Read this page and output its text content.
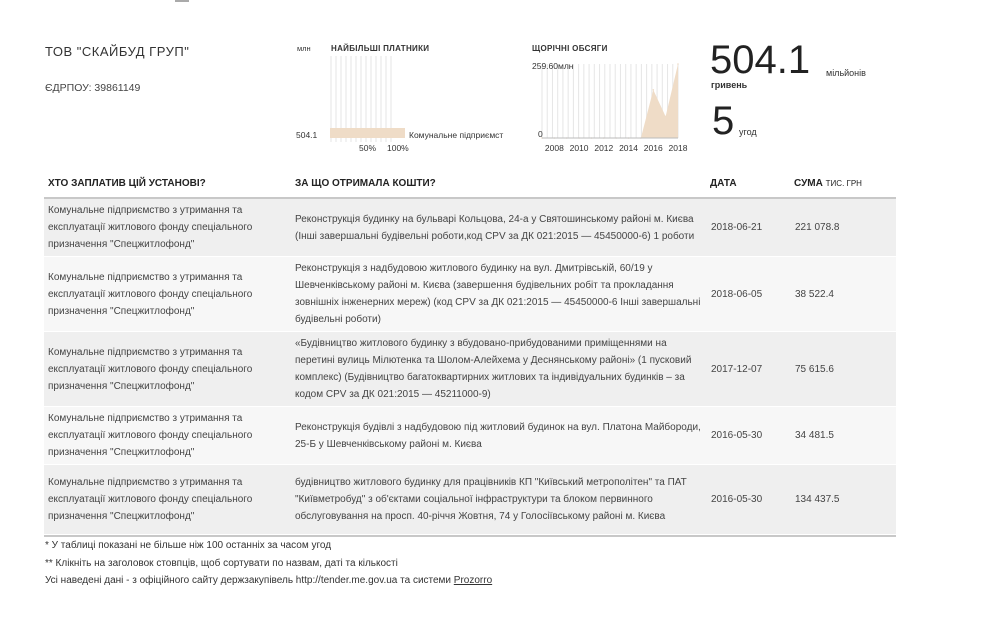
ТОВ "СКАЙБУД ГРУП"
ЄДРПОУ: 39861149
млн	НАЙБІЛЬШІ ПЛАТНИКИ
504.1	Комунальне підприємст
50% 100%
ЩОРІЧНІ ОБСЯГИ
259.60млн
0
2008 2010 2012 2014 2016 2018
504.1 мільйонів
гривень
5 угод
ХТО ЗАПЛАТИВ ЦІЙ УСТАНОВІ?	ЗА ЩО ОТРИМАЛА КОШТИ?	ДАТА	СУМА ТИС. ГРН
Комунальне підприємство з утримання та експлуатації житлового фонду спеціального призначення "Спецжитлофонд"	Реконструкція будинку на бульварі Кольцова, 24-а у Святошинському районі м. Києва (Інші завершальні будівельні роботи,код CPV за ДК 021:2015 — 45450000-6) 1 роботи	2018-06-21	221 078.8
Комунальне підприємство з утримання та експлуатації житлового фонду спеціального призначення "Спецжитлофонд"	Реконструкція з надбудовою житлового будинку на вул. Дмитрівській, 60/19 у Шевченківському районі м. Києва (завершення будівельних робіт та прокладання зовнішніх інженерних мереж) (код CPV за ДК 021:2015 — 45450000-6 Інші завершальні будівельні роботи)	2018-06-05	38 522.4
Комунальне підприємство з утримання та експлуатації житлового фонду спеціального призначення "Спецжитлофонд"	«Будівництво житлового будинку з вбудовано-прибудованими приміщеннями на перетині вулиць Мілютенка та Шолом-Алейхема у Деснянському районі» (1 пусковий комплекс) (Будівництво багатоквартирних житлових та індивідуальних будинків – за кодом CPV за ДК 021:2015 — 45211000-9)	2017-12-07	75 615.6
Комунальне підприємство з утримання та експлуатації житлового фонду спеціального призначення "Спецжитлофонд"	Реконструкція будівлі з надбудовою під житловий будинок на вул. Платона Майбороди, 25-Б у Шевченківському районі м. Києва	2016-05-30	34 481.5
Комунальне підприємство з утримання та експлуатації житлового фонду спеціального призначення "Спецжитлофонд"	будівництво житлового будинку для працівників КП "Київський метрополітен" та ПАТ "Київметробуд" з об'єктами соціальної інфраструктури та блоком первинного обслуговування на просп. 40-річчя Жовтня, 74 у Голосіївському районі м. Києва	2016-05-30	134 437.5
* У таблиці показані не більше ніж 100 останніх за часом угод
** Клікніть на заголовок стовпців, щоб сортувати по назвам, даті та кількості
Усі наведені дані - з офіційного сайту держзакупівель http://tender.me.gov.ua та системи Prozorro
